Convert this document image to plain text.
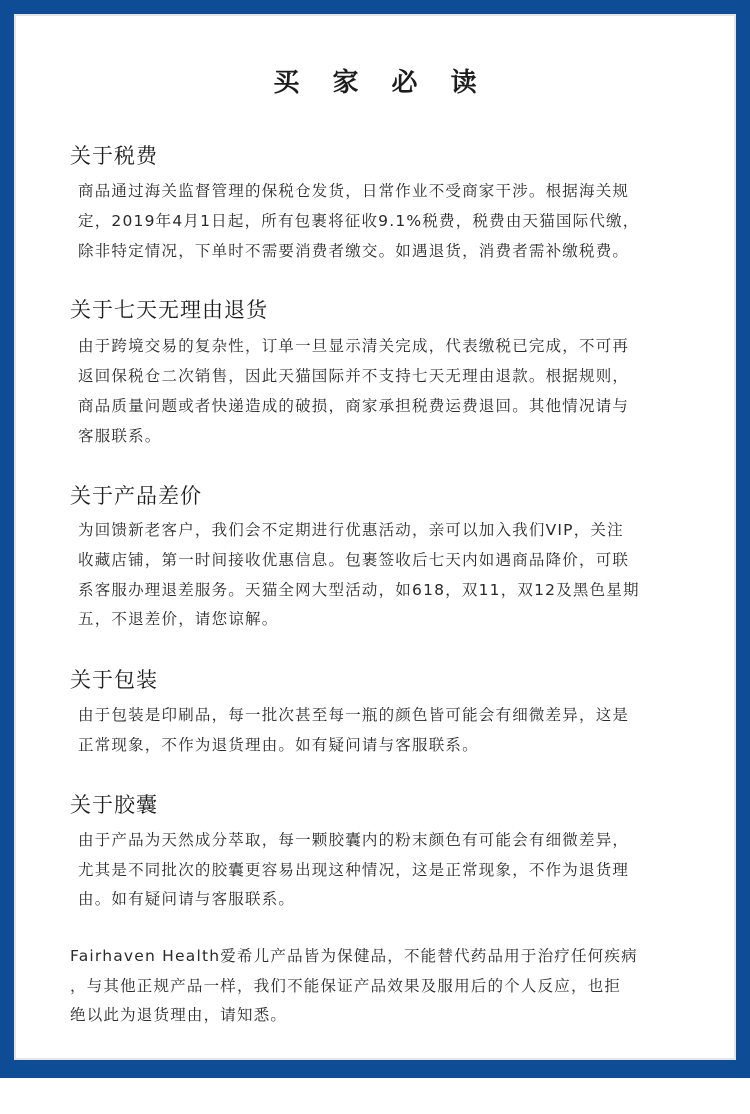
买 家 必 读
关于税费
商品通过海关监督管理的保税仓发货，日常作业不受商家干涉。根据海关规
定，2019年4月1日起，所有包裹将征收9.1%税费，税费由天猫国际代缴，
除非特定情况，下单时不需要消费者缴交。如遇退货，消费者需补缴税费。
关于七天无理由退货
由于跨境交易的复杂性，订单一旦显示清关完成，代表缴税已完成，不可再
返回保税仓二次销售，因此天猫国际并不支持七天无理由退款。根据规则，
商品质量问题或者快递造成的破损，商家承担税费运费退回。其他情况请与
客服联系。
关于产品差价
为回馈新老客户，我们会不定期进行优惠活动，亲可以加入我们VIP，关注
收藏店铺，第一时间接收优惠信息。包裹签收后七天内如遇商品降价，可联
系客服办理退差服务。天猫全网大型活动，如618，双11，双12及黑色星期
五，不退差价，请您谅解。
关于包装
由于包装是印刷品，每一批次甚至每一瓶的颜色皆可能会有细微差异，这是
正常现象，不作为退货理由。如有疑问请与客服联系。
关于胶囊
由于产品为天然成分萃取，每一颗胶囊内的粉末颜色有可能会有细微差异，
尤其是不同批次的胶囊更容易出现这种情况，这是正常现象，不作为退货理
由。如有疑问请与客服联系。
Fairhaven Health爱希儿产品皆为保健品，不能替代药品用于治疗任何疾病
，与其他正规产品一样，我们不能保证产品效果及服用后的个人反应，也拒
绝以此为退货理由，请知悉。
